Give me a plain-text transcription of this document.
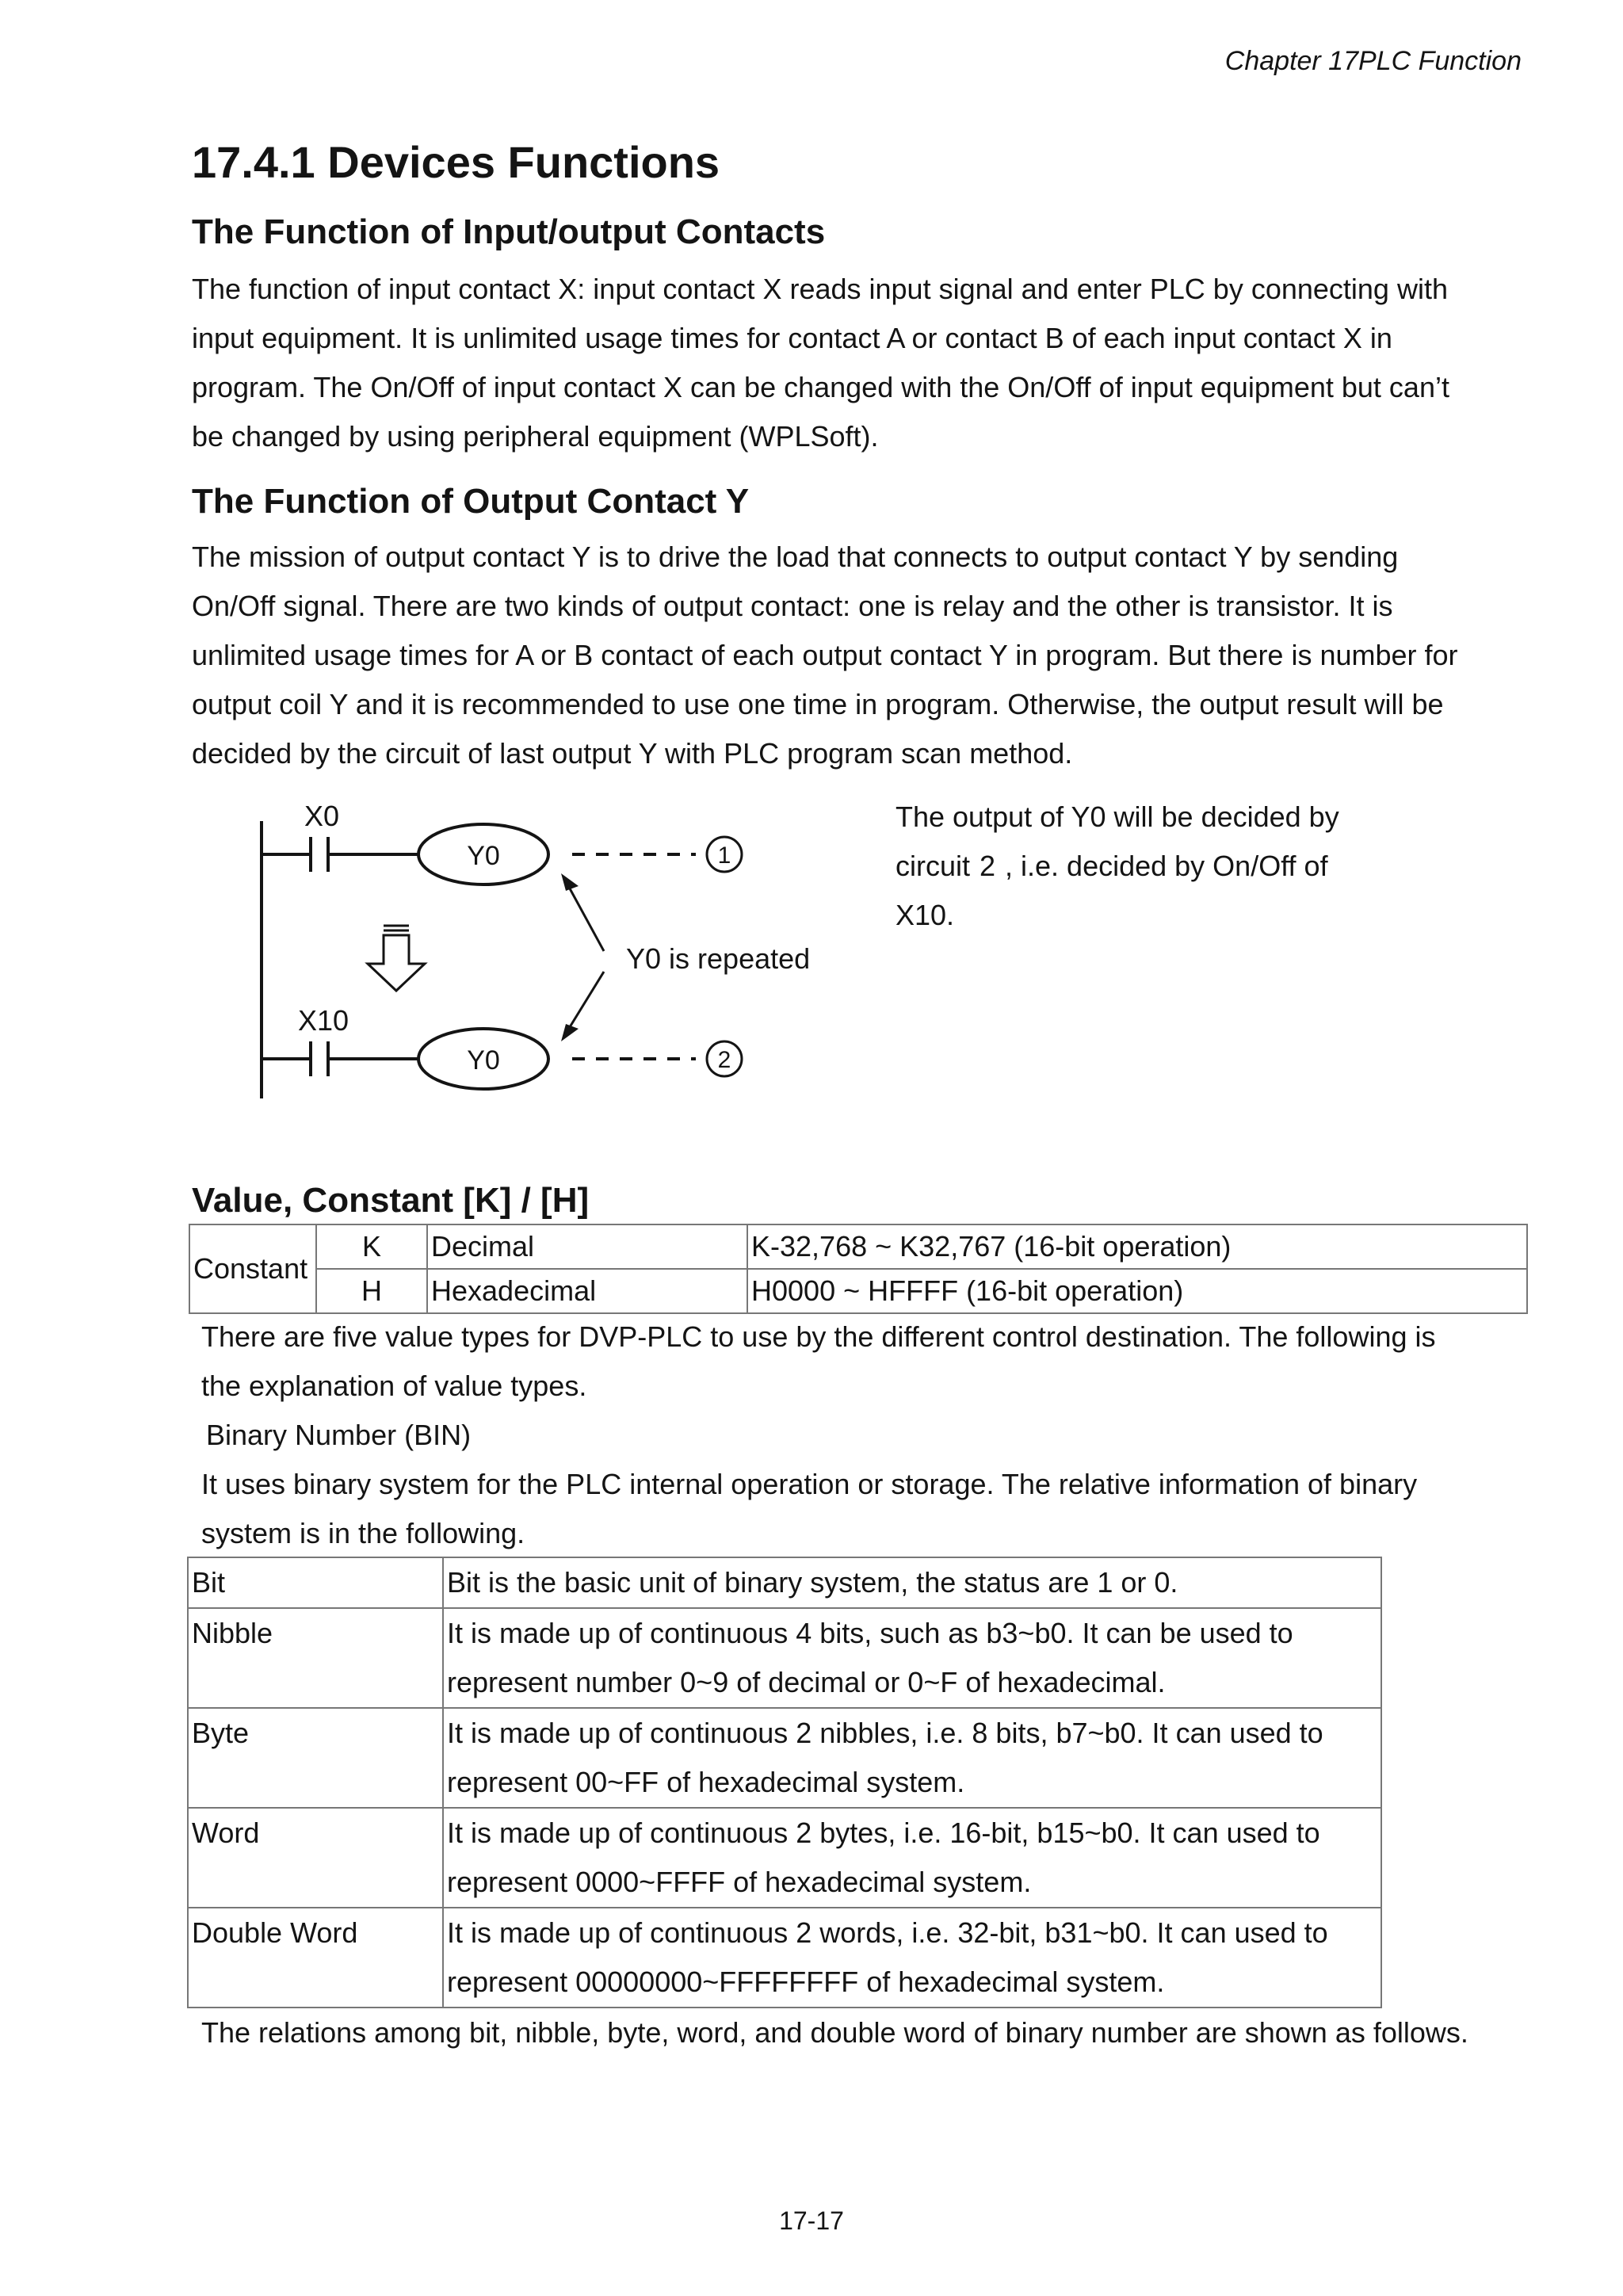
Chapter 17PLC Function
17.4.1 Devices Functions
The Function of Input/output Contacts
The function of input contact X: input contact X reads input signal and enter PLC by connecting with
input equipment. It is unlimited usage times for contact A or contact B of each input contact X in
program. The On/Off of input contact X can be changed with the On/Off of input equipment but can’t
be changed by using peripheral equipment (WPLSoft).
The Function of Output Contact Y
The mission of output contact Y is to drive the load that connects to output contact Y by sending
On/Off signal. There are two kinds of output contact: one is relay and the other is transistor. It is
unlimited usage times for A or B contact of each output contact Y in program. But there is number for
output coil Y and it is recommended to use one time in program. Otherwise, the output result will be
decided by the circuit of last output Y with PLC program scan method.
X0
X10
Y0
Y0
1
2
Y0 is repeated
The output of Y0 will be decided by
circuit 2 , i.e. decided by On/Off of
X10.
Value, Constant [K] / [H]
Constant	K	Decimal	K-32,768 ~ K32,767 (16-bit operation)
	H	Hexadecimal	H0000 ~ HFFFF (16-bit operation)
There are five value types for DVP-PLC to use by the different control destination. The following is
the explanation of value types.
Binary Number (BIN)
It uses binary system for the PLC internal operation or storage. The relative information of binary
system is in the following.
Bit	Bit is the basic unit of binary system, the status are 1 or 0.

Nibble	It is made up of continuous 4 bits, such as b3~b0. It can be used to
represent number 0~9 of decimal or 0~F of hexadecimal.

Byte	It is made up of continuous 2 nibbles, i.e. 8 bits, b7~b0. It can used to
represent 00~FF of hexadecimal system.

Word	It is made up of continuous 2 bytes, i.e. 16-bit, b15~b0. It can used to
represent 0000~FFFF of hexadecimal system.

Double Word	It is made up of continuous 2 words, i.e. 32-bit, b31~b0. It can used to
represent 00000000~FFFFFFFF of hexadecimal system.
The relations among bit, nibble, byte, word, and double word of binary number are shown as follows.
17-17
